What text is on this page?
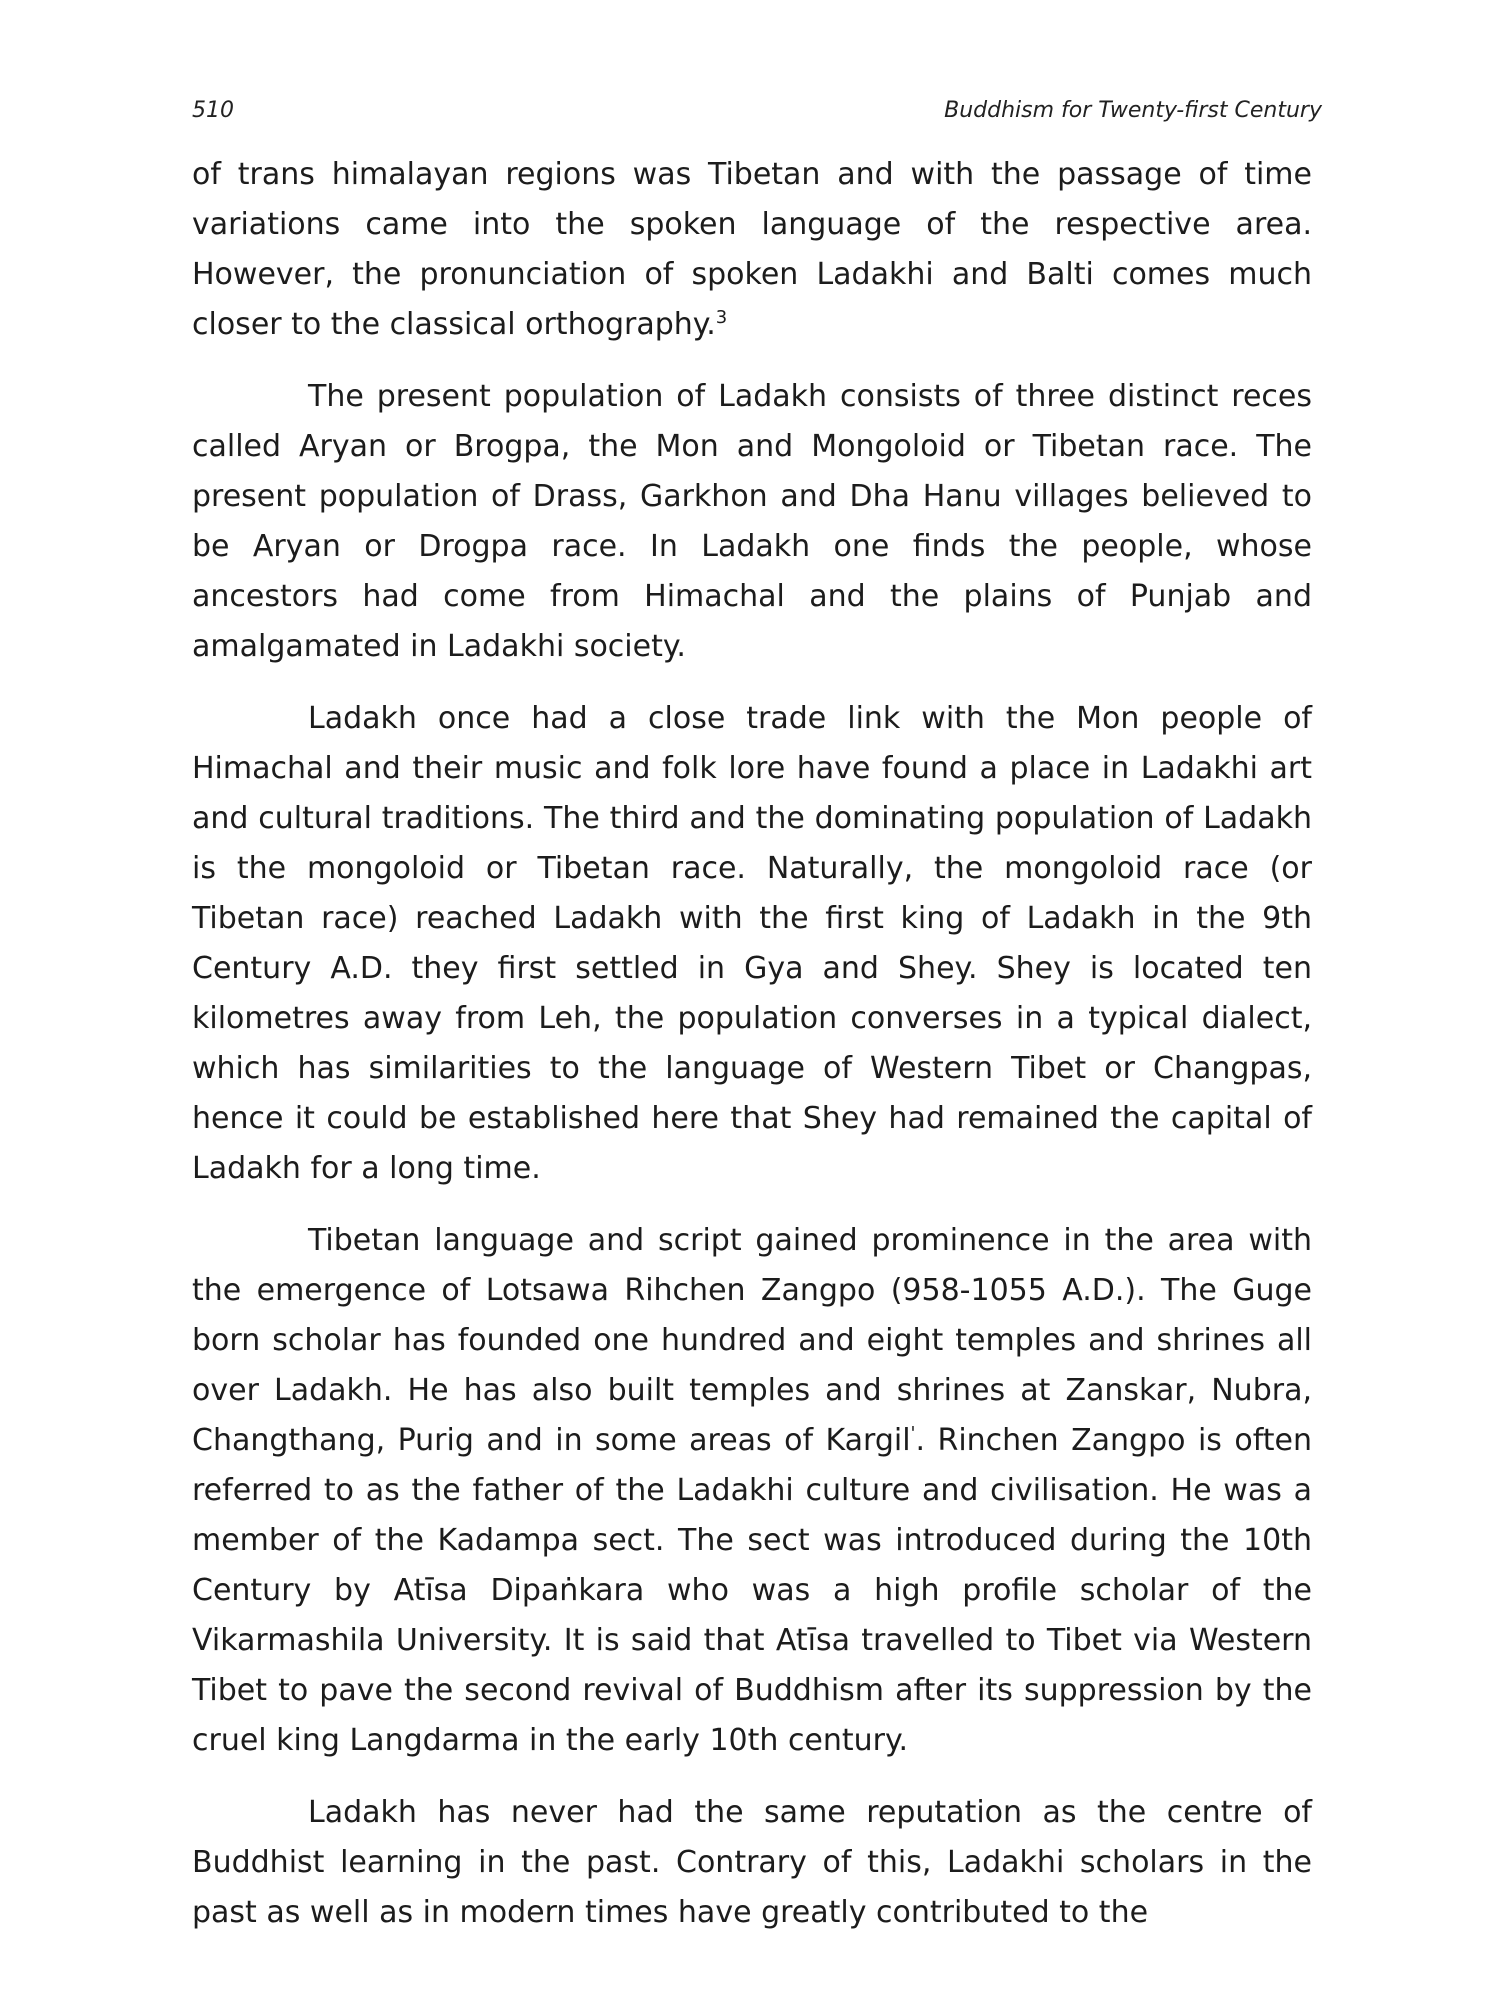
510	Buddhism for Twenty-first Century

of trans himalayan regions was Tibetan and with the passage of time variations came into the spoken language of the respective area. However, the pronunciation of spoken Ladakhi and Balti comes much closer to the classical orthography.$^3$

The present population of Ladakh consists of three distinct reces called Aryan or Brogpa, the Mon and Mongoloid or Tibetan race. The present population of Drass, Garkhon and Dha Hanu villages believed to be Aryan or Drogpa race. In Ladakh one finds the people, whose ancestors had come from Himachal and the plains of Punjab and amalgamated in Ladakhi society.

Ladakh once had a close trade link with the Mon people of Himachal and their music and folk lore have found a place in Ladakhi art and cultural traditions. The third and the dominating population of Ladakh is the mongoloid or Tibetan race. Naturally, the mongoloid race (or Tibetan race) reached Ladakh with the first king of Ladakh in the 9th Century A.D. they first settled in Gya and Shey. Shey is located ten kilometres away from Leh, the population converses in a typical dialect, which has similarities to the language of Western Tibet or Changpas, hence it could be established here that Shey had remained the capital of Ladakh for a long time.

Tibetan language and script gained prominence in the area with the emergence of Lotsawa Rihchen Zangpo (958-1055 A.D.). The Guge born scholar has founded one hundred and eight temples and shrines all over Ladakh. He has also built temples and shrines at Zanskar, Nubra, Changthang, Purig and in some areas of Kargil'. Rinchen Zangpo is often referred to as the father of the Ladakhi culture and civilisation. He was a member of the Kadampa sect. The sect was introduced during the 10th Century by Atīsa Dipaṅkara who was a high profile scholar of the Vikarmashila University. It is said that Atīsa travelled to Tibet via Western Tibet to pave the second revival of Buddhism after its suppression by the cruel king Langdarma in the early 10th century.

Ladakh has never had the same reputation as the centre of Buddhist learning in the past. Contrary of this, Ladakhi scholars in the past as well as in modern times have greatly contributed to the
